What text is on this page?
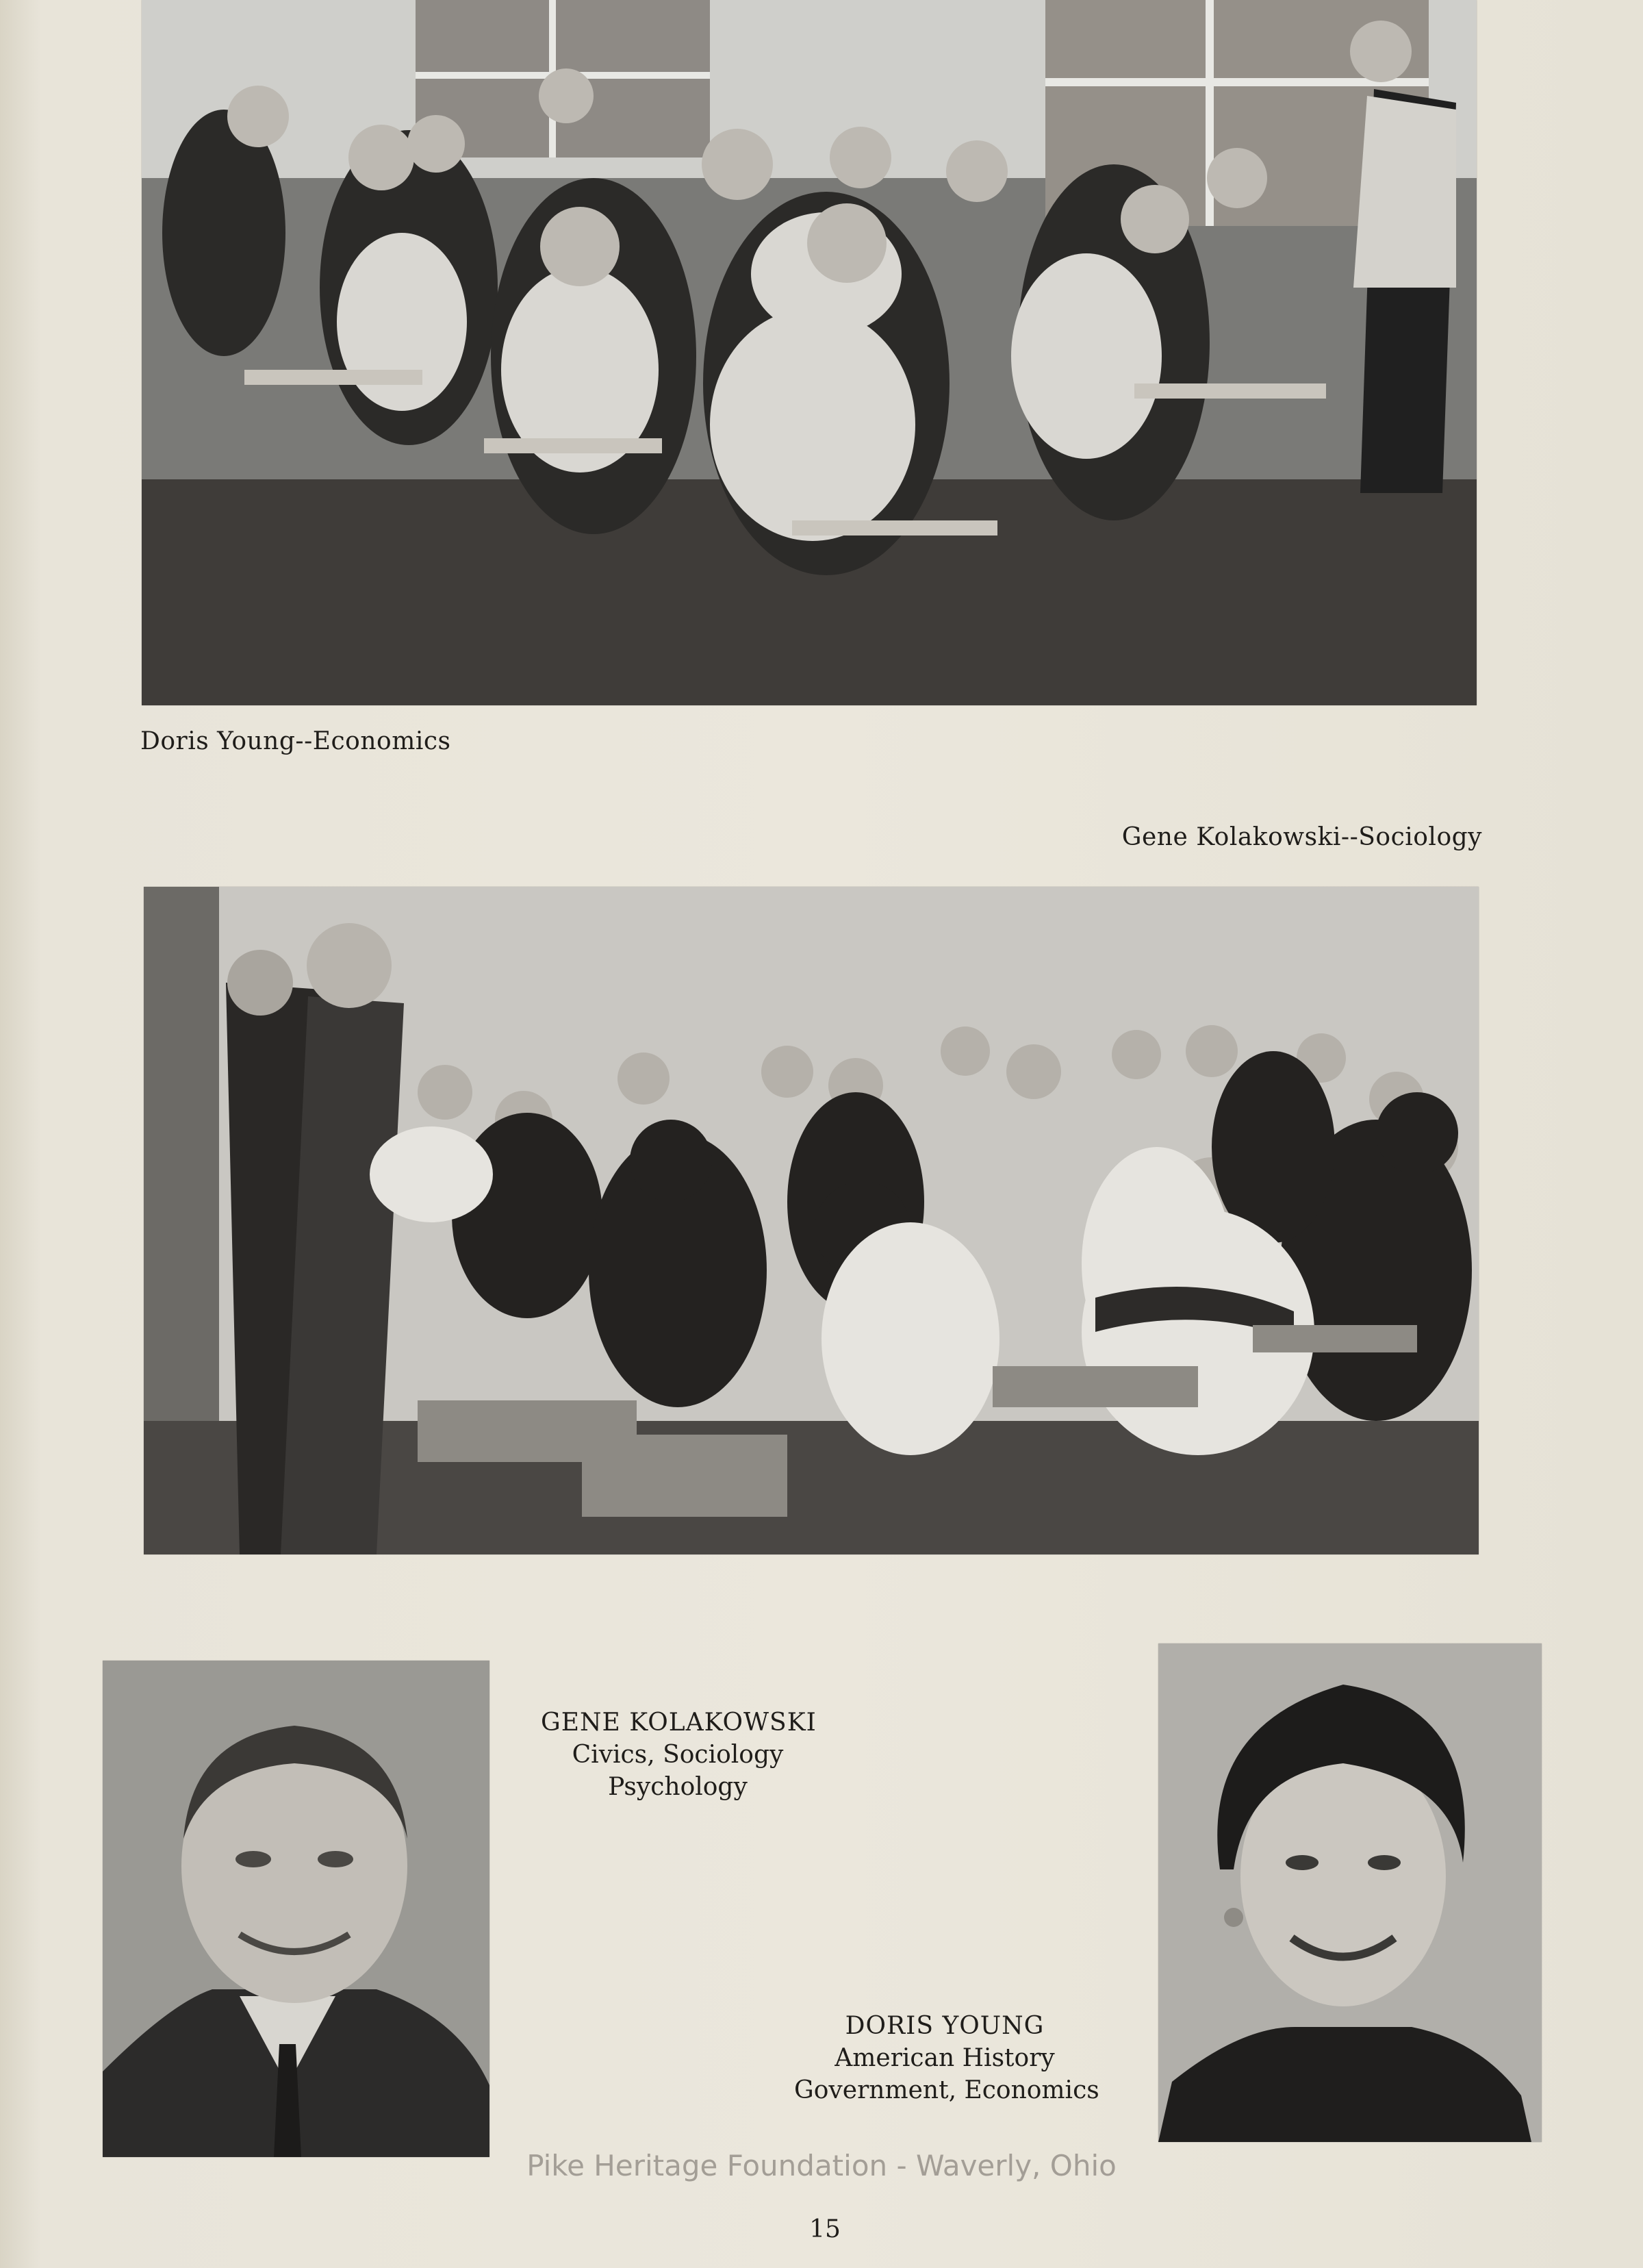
Doris Young--Economics
Gene Kolakowski--Sociology
GENE KOLAKOWSKI
Civics, Sociology
Psychology
DORIS YOUNG
American History
Government, Economics
Pike Heritage Foundation - Waverly, Ohio
15
